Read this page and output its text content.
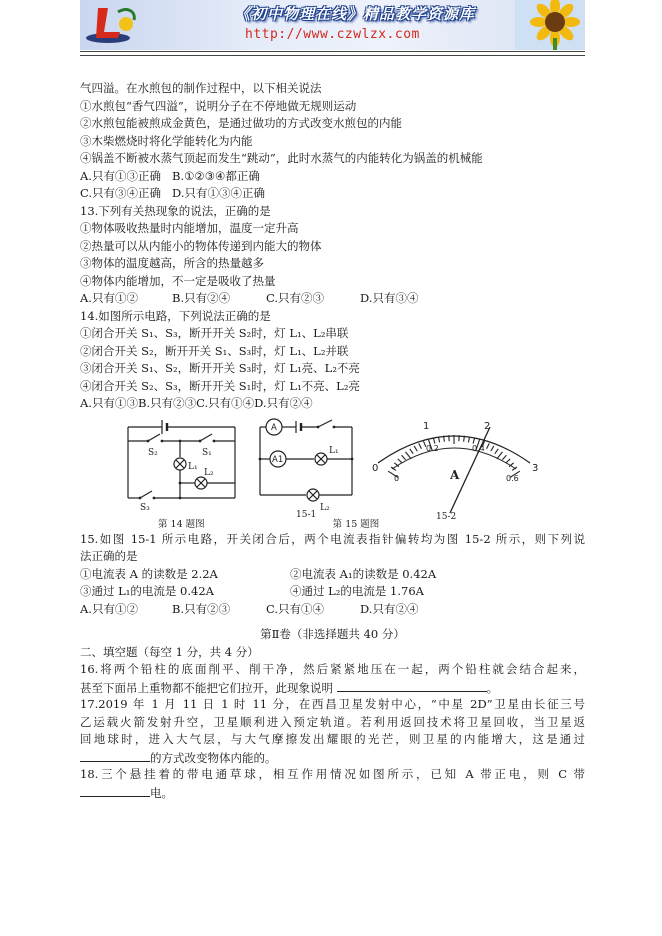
《初中物理在线》精品教学资源库
http://www.czwlzx.com
气四溢。在水煎包的制作过程中，以下相关说法
①水煎包“香气四溢”，说明分子在不停地做无规则运动
②水煎包能被煎成金黄色，是通过做功的方式改变水煎包的内能
③木柴燃烧时将化学能转化为内能
④锅盖不断被水蒸气顶起而发生“跳动”，此时水蒸气的内能转化为锅盖的机械能
A.只有①③正确 B.①②③④都正确
C.只有③④正确 D.只有①③④正确
13.下列有关热现象的说法，正确的是
①物体吸收热量时内能增加，温度一定升高
②热量可以从内能小的物体传递到内能大的物体
③物体的温度越高，所含的热量越多
④物体内能增加，不一定是吸收了热量
A.只有①②	B.只有②④	C.只有②③	D.只有③④
14.如图所示电路，下列说法正确的是
①闭合开关 S₁、S₃，断开开关 S₂时，灯 L₁、L₂串联
②闭合开关 S₂，断开开关 S₁、S₃时，灯 L₁、L₂并联
③闭合开关 S₁、S₂，断开开关 S₃时，灯 L₁亮、L₂不亮
④闭合开关 S₂、S₃，断开开关 S₁时，灯 L₁不亮、L₂亮
A.只有①③B.只有②③C.只有①④D.只有②④
S₂	S₁
L₁
L₂
S₃
第 14 题图
A
A1
L₁
L₂
15-1
第 15 题图
0
1	2
3
0
0.2	0.4
0.6
A
15-2
15.如图 15-1 所示电路，开关闭合后，两个电流表指针偏转均为图 15-2 所示，则下列说
法正确的是
①电流表 A 的读数是 2.2A	②电流表 A₁的读数是 0.42A
③通过 L₁的电流是 0.42A	④通过 L₂的电流是 1.76A
A.只有①②	B.只有②③	C.只有①④	D.只有②④
第Ⅱ卷（非选择题共 40 分）
二、填空题（每空 1 分，共 4 分）
16.将两个铅柱的底面削平、削干净，然后紧紧地压在一起，两个铅柱就会结合起来，
甚至下面吊上重物都不能把它们拉开，此现象说明	。
17.2019 年 1 月 11 日 1 时 11 分，在西昌卫星发射中心，“中星 2D”卫星由长征三号
乙运载火箭发射升空，卫星顺利进入预定轨道。若利用返回技术将卫星回收，当卫星返
回地球时，进入大气层，与大气摩擦发出耀眼的光芒，则卫星的内能增大，这是通过
的方式改变物体内能的。
18.三个悬挂着的带电通草球，相互作用情况如图所示，已知 A 带正电，则 C 带
电。
